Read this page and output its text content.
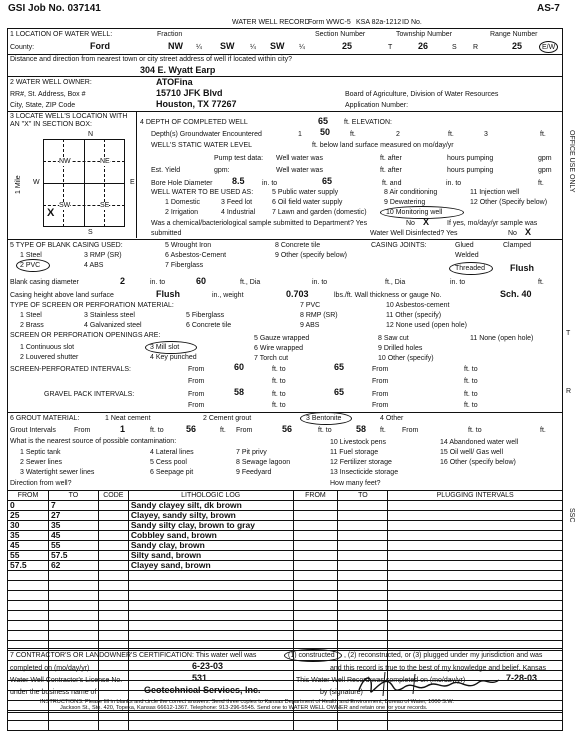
GSI Job No. 037141	AS-7
WATER WELL RECORD
Form WWC-5 KSA 82a-1212 ID No.
1 LOCATION OF WATER WELL:
County:	Ford
Fraction
NW ¼ SW ¼ SW ¼
Section Number
25
Township Number
T	26	S
Range Number
R	25	E/W
Distance and direction from nearest town or city street address of well if located within city?
304 E. Wyatt Earp
2 WATER WELL OWNER:	ATOFina
RR#, St. Address, Box #	15710 JFK Blvd
City, State, ZIP Code	Houston, TX 77267
Board of Agriculture, Division of Water Resources
Application Number:
3 LOCATE WELL'S LOCATION WITH AN "X" IN SECTION BOX:
N
S
W	E
1 Mile
NW	NE
SW	SE
X
4 DEPTH OF COMPLETED WELL	65 ft. ELEVATION:
Depth(s) Groundwater Encountered	1 50	ft.	2	ft.	3	ft.
WELL'S STATIC WATER LEVEL	ft. below land surface measured on mo/day/yr
Pump test data: Well water was	ft. after	hours pumping	gpm
Est. Yield	gpm:	Well water was	ft. after	hours pumping	gpm
Bore Hole Diameter 8.5 in. to	65	ft. and	in. to	ft.
WELL WATER TO BE USED AS:
1 Domestic
2 Irrigation
3 Feed lot
4 Industrial
5 Public water supply
6 Oil field water supply
7 Lawn and garden (domestic)
8 Air conditioning
9 Dewatering
10 Monitoring well
11 Injection well
12 Other (Specify below)
Was a chemical/bacteriological sample submitted to Department? Yes	No X	If yes, mo/day/yr sample was
submitted	Water Well Disinfected? Yes	No X
5 TYPE OF BLANK CASING USED:
1 Steel
2 PVC
3 RMP (SR)
4 ABS
5 Wrought Iron
6 Asbestos-Cement
7 Fiberglass
8 Concrete tile
9 Other (specify below)
CASING JOINTS:	Glued	Clamped
Welded
Threaded	Flush
Blank casing diameter	2	in. to	60	ft., Dia	in. to	ft., Dia	in. to	ft.
Casing height above land surface	Flush	in., weight	0.703	lbs./ft. Wall thickness or gauge No.	Sch. 40
TYPE OF SCREEN OR PERFORATION MATERIAL:
1 Steel
2 Brass
3 Stainless steel
4 Galvanized steel
5 Fiberglass
6 Concrete tile
7 PVC
8 RMP (SR)
9 ABS
10 Asbestos-cement
11 Other (specify)
12 None used (open hole)
SCREEN OR PERFORATION OPENINGS ARE:
1 Continuous slot
2 Louvered shutter
3 Mill slot
4 Key punched
5 Gauze wrapped
6 Wire wrapped
7 Torch cut
8 Saw cut
9 Drilled holes
10 Other (specify)
11 None (open hole)
SCREEN-PERFORATED INTERVALS:	From	60	ft. to	65	From	ft. to
From	ft. to	From	ft. to
GRAVEL PACK INTERVALS:	From	58	ft. to	65	From	ft. to
From	ft. to	From	ft. to
6 GROUT MATERIAL:	1 Neat cement	2 Cement grout	3 Bentonite	4 Other
Grout Intervals	From	1	ft. to 56	ft. From	56	ft. to	58 ft. From	ft. to	ft.
What is the nearest source of possible contamination:
1 Septic tank
2 Sewer lines
3 Watertight sewer lines
4 Lateral lines
5 Cess pool
6 Seepage pit
7 Pit privy
8 Sewage lagoon
9 Feedyard
10 Livestock pens
11 Fuel storage
12 Fertilizer storage
13 Insecticide storage
14 Abandoned water well
15 Oil well/ Gas well
16 Other (specify below)
Direction from well?	How many feet?
FROM	TO	CODE	LITHOLOGIC LOG	FROM	TO	PLUGGING INTERVALS
0	7		Sandy clayey silt, dk brown			
25	27		Clayey, sandy silty, brown			
30	35		Sandy silty clay, brown to gray			
35	45		Cobbley sand, brown			
45	55		Sandy clay, brown			
55	57.5		Silty sand, brown			
57.5	62		Clayey sand, brown			

7 CONTRACTOR'S OR LANDOWNER'S CERTIFICATION: This water well was	(1) constructed , (2) reconstructed, or (3) plugged under my jurisdiction and was
completed on (mo/day/yr)	6-23-03	and this record is true to the best of my knowledge and belief. Kansas
Water Well Contractor's License No.	531	This Water Well Record was completed on (mo/day/yr)	7-28-03
under the business name of	Geotechnical Services, Inc.	by (signature)
INSTRUCTIONS: Please fill in blanks and circle the correct answers. Send three copies to Kansas Department of Health and Environment, Bureau of Water, 1000 S.W.
Jackson St., Ste. 420, Topeka, Kansas 66612-1367. Telephone: 913-296-5545. Send one to WATER WELL OWNER and retain one for your records.
OFFICE USE ONLY
T
R
SSC
